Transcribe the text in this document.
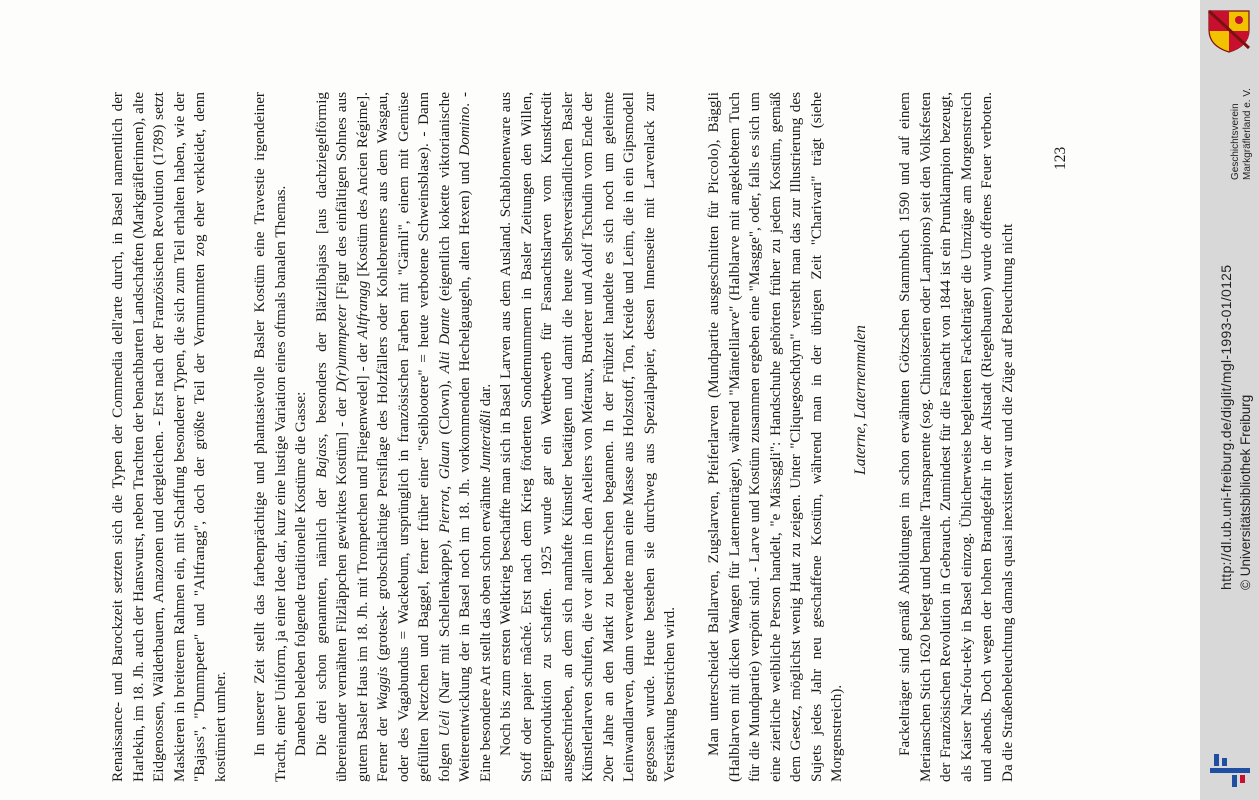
Renaissance- und Barockzeit setzten sich die Typen der Commedia dell'arte durch, in Basel namentlich der Harlekin, im 18. Jh. auch der Hanswurst, neben Trachten der benachbarten Landschaften (Markgräflerinnen), alte Eidgenossen, Wälderbauern, Amazonen und dergleichen. - Erst nach der Französischen Revolution (1789) setzt Maskieren in breiterem Rahmen ein, mit Schaffung besonderer Typen, die sich zum Teil erhalten haben, wie der "Bajass", "Dummpeter" und "Altfrangg", doch der größte Teil der Vermummten zog eher verkleidet, denn kostümiert umher. In unserer Zeit stellt das farbenprächtige und phantasievolle Basler Kostüm eine Travestie irgendeiner Tracht, einer Uniform, ja einer Idee dar, kurz eine lustige Variation eines oftmals banalen Themas. Daneben beleben folgende traditionelle Kostüme die Gasse: Die drei schon genannten, nämlich der Bajass, besonders der Blätzlibajass [aus dachziegelförmig übereinander vernähten Filzläppchen gewirktes Kostüm] - der D(r)ummpeter [Figur des einfältigen Sohnes aus gutem Basler Haus im 18. Jh. mit Trompetchen und Fliegenwedel] - der Altfrangg [Kostüm des Ancien Régime]. Ferner der Waggis (grotesk- grobschlächtige Persiflage des Holzfällers oder Kohlebrenners aus dem Wasgau, oder des Vagabundus = Wackebum, ursprünglich in französischen Farben mit "Gärnli", einem mit Gemüse gefüllten Netzchen und Baggel, ferner früher einer "Seiblootere" = heute verbotene Schweinsblase). - Dann folgen Ueli (Narr mit Schellenkappe), Pierrot, Glaun (Clown), Alti Dante (eigentlich kokette viktorianische Weiterentwicklung der in Basel noch im 18. Jh. vorkommenden Hechelgaugeln, alten Hexen) und Domino. - Eine besondere Art stellt das oben schon erwähnte Junteräßli dar. Noch bis zum ersten Weltkrieg beschaffte man sich in Basel Larven aus dem Ausland. Schablonenware aus Stoff oder papier mâché. Erst nach dem Krieg förderten Sondernummern in Basler Zeitungen den Willen, Eigenproduktion zu schaffen. 1925 wurde gar ein Wettbewerb für Fasnachtslarven vom Kunstkredit ausgeschrieben, an dem sich namhafte Künstler betätigten und damit die heute selbstverständlichen Basler Künstlerlarven schufen, die vor allem in den Ateliers von Métraux, Bruderer und Adolf Tschudin vom Ende der 20er Jahre an den Markt zu beherrschen begannen. In der Frühzeit handelte es sich noch um geleimte Leinwandlarven, dann verwendete man eine Masse aus Holzstoff, Ton, Kreide und Leim, die in ein Gipsmodell gegossen wurde. Heute bestehen sie durchweg aus Spezialpapier, dessen Innenseite mit Larvenlack zur Verstärkung bestrichen wird. Man unterscheidet Ballarven, Zugslarven, Pfeiferlarven (Mundpartie ausgeschnitten für Piccolo), Bäggli (Halblarven mit dicken Wangen für Laternenträger), während "Mäntelilarve" (Halblarve mit angeklebtem Tuch für die Mundpartie) verpönt sind. - Larve und Kostüm zusammen ergeben eine "Masgge", oder, falls es sich um eine zierliche weibliche Person handelt, "e Mässggli": Handschuhe gehörten früher zu jedem Kostüm, gemäß dem Gesetz, möglichst wenig Haut zu zeigen. Unter "Cliquegoschdym" versteht man das zur Illustrierung des Sujets jedes Jahr neu geschaffene Kostüm, während man in der übrigen Zeit "Charivari" trägt (siehe Morgenstreich).

Laterne, Laternenmalen Fackelträger sind gemäß Abbildungen im schon erwähnten Götzschen Stammbuch 1590 und auf einem Merianschen Stich 1620 belegt und bemalte Transparente (sog. Chinoiserien oder Lampions) seit den Volksfesten der Französischen Revolution in Gebrauch. Zumindest für die Fasnacht von 1844 ist ein Prunklampion bezeugt, als Kaiser Nar-fou-teky in Basel einzog. Üblicherweise begleiteten Fackelträger die Umzüge am Morgenstreich und abends. Doch wegen der hohen Brandgefahr in der Altstadt (Riegelbauten) wurde offenes Feuer verboten. Da die Straßenbeleuchtung damals quasi inexistent war und die Züge auf Beleuchtung nicht

123	Geschichtsverein Markgräflerland e. V.

http://dl.ub.uni-freiburg.de/diglit/mgl-1993-01/0125 © Universitätsbibliothek Freiburg
